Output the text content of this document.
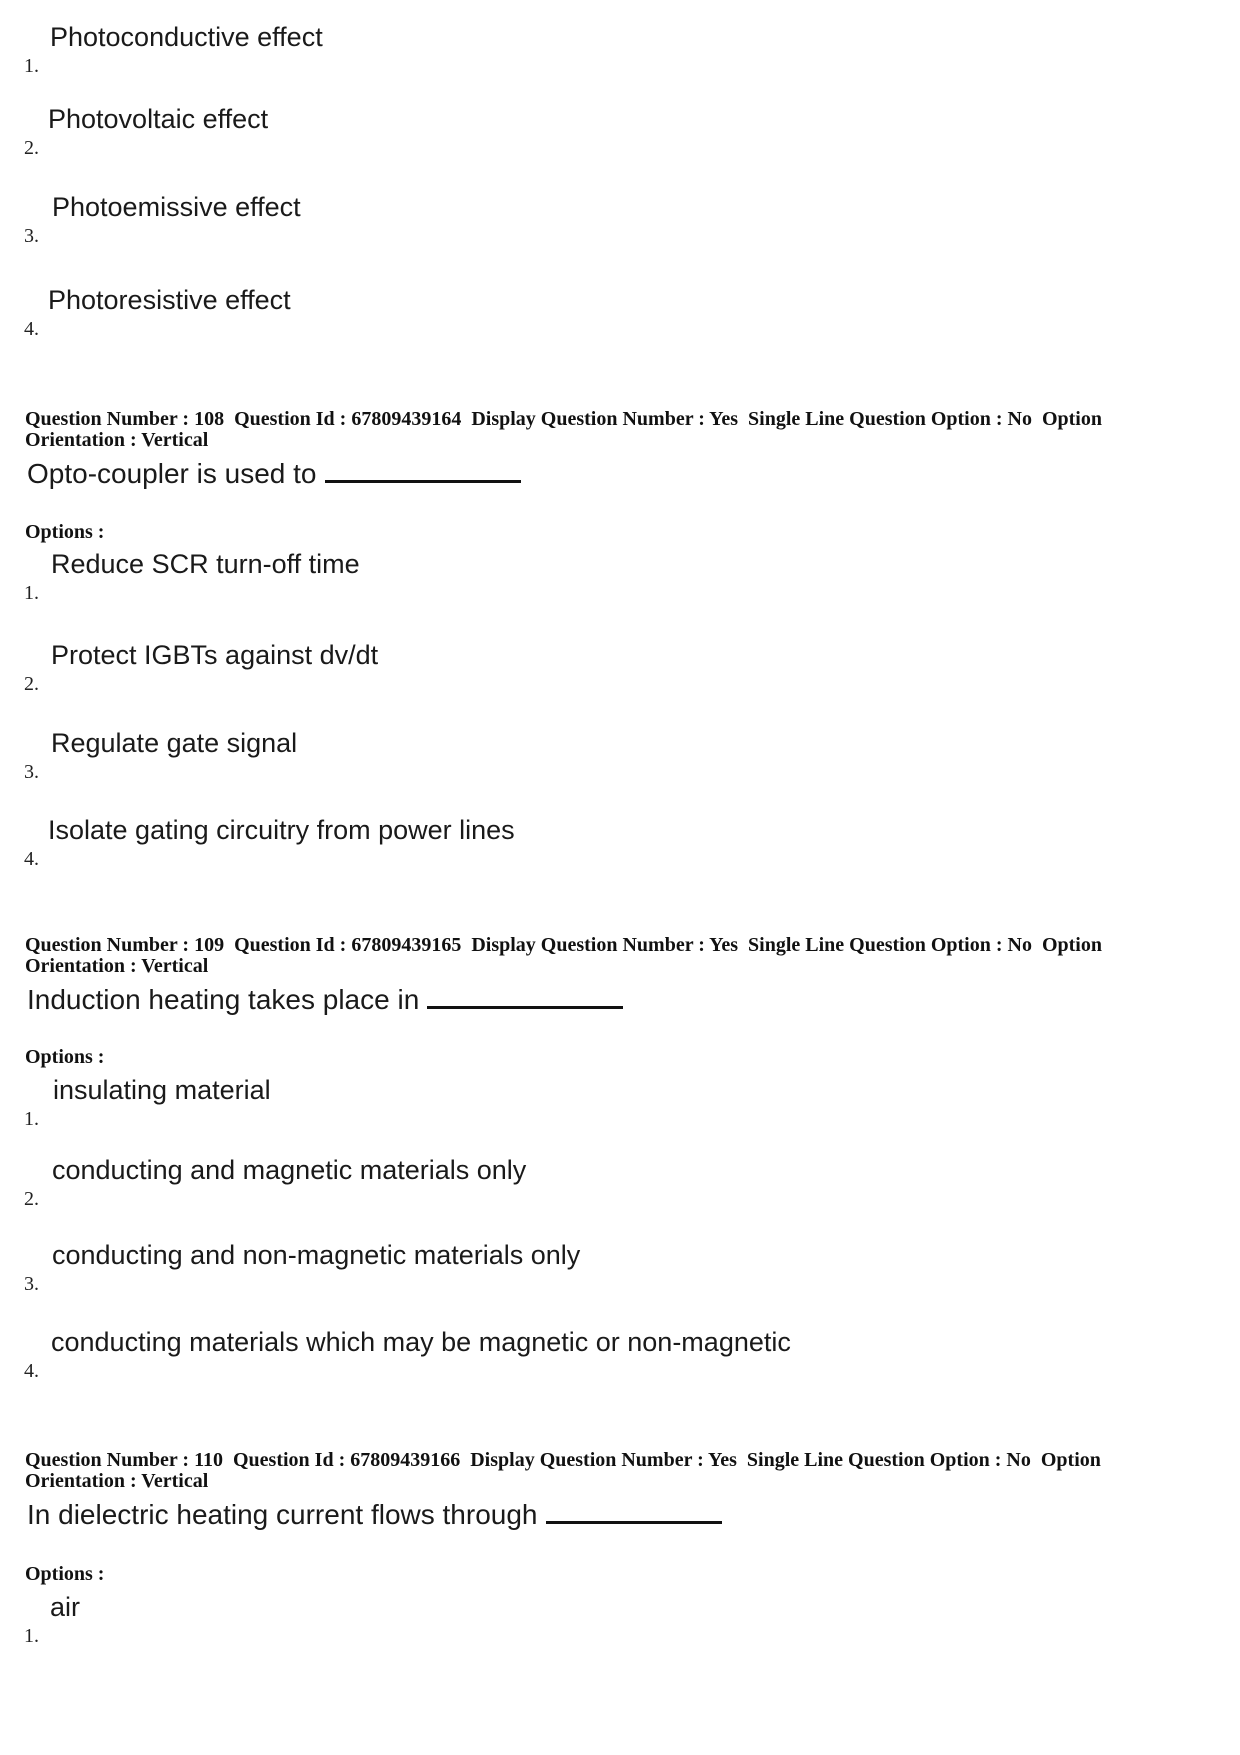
1.
Photoconductive effect
2.
Photovoltaic effect
3.
Photoemissive effect
4.
Photoresistive effect
Question Number : 108  Question Id : 67809439164  Display Question Number : Yes  Single Line Question Option : No  Option
Orientation : Vertical
Opto-coupler is used to
Options :
1.
Reduce SCR turn-off time
2.
Protect IGBTs against dv/dt
3.
Regulate gate signal
4.
Isolate gating circuitry from power lines
Question Number : 109  Question Id : 67809439165  Display Question Number : Yes  Single Line Question Option : No  Option
Orientation : Vertical
Induction heating takes place in
Options :
1.
insulating material
2.
conducting and magnetic materials only
3.
conducting and non-magnetic materials only
4.
conducting materials which may be magnetic or non-magnetic
Question Number : 110  Question Id : 67809439166  Display Question Number : Yes  Single Line Question Option : No  Option
Orientation : Vertical
In dielectric heating current flows through
Options :
1.
air
